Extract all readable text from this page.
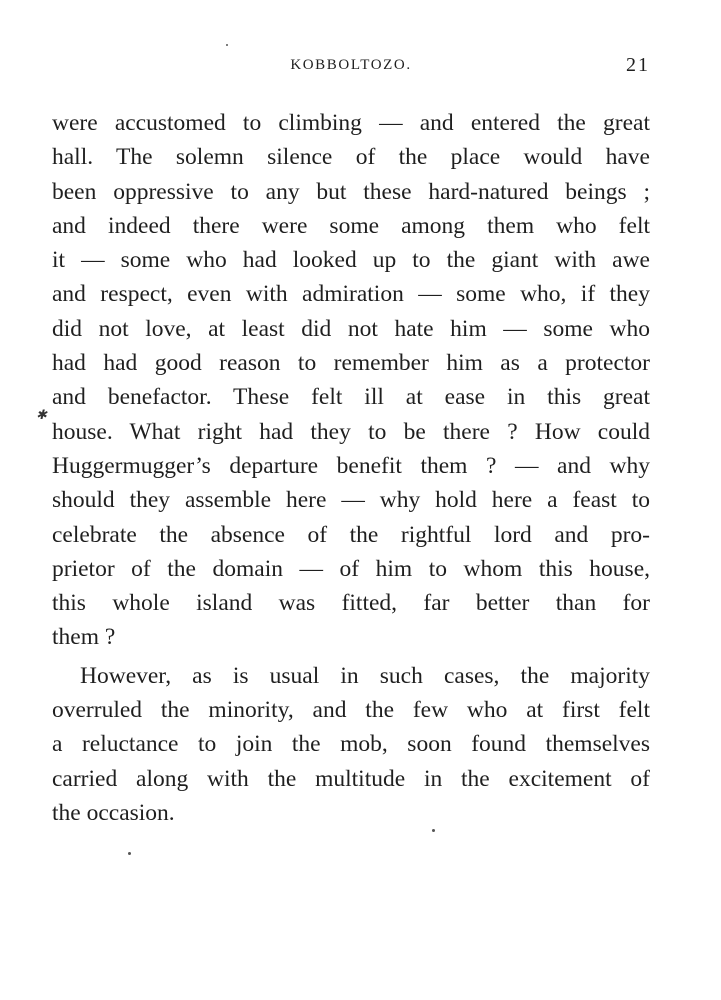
KOBBOLTOZO.	21

were accustomed to climbing — and entered the great
hall. The solemn silence of the place would have
been oppressive to any but these hard-natured beings ;
and indeed there were some among them who felt
it — some who had looked up to the giant with awe
and respect, even with admiration — some who, if they
did not love, at least did not hate him — some who
had had good reason to remember him as a protector
and benefactor. These felt ill at ease in this great
house. What right had they to be there ? How could
Huggermugger’s departure benefit them ? — and why
should they assemble here — why hold here a feast to
celebrate the absence of the rightful lord and pro-
prietor of the domain — of him to whom this house,
this whole island was fitted, far better than for
them ?

However, as is usual in such cases, the majority
overruled the minority, and the few who at first felt
a reluctance to join the mob, soon found themselves
carried along with the multitude in the excitement of
the occasion.

✱
